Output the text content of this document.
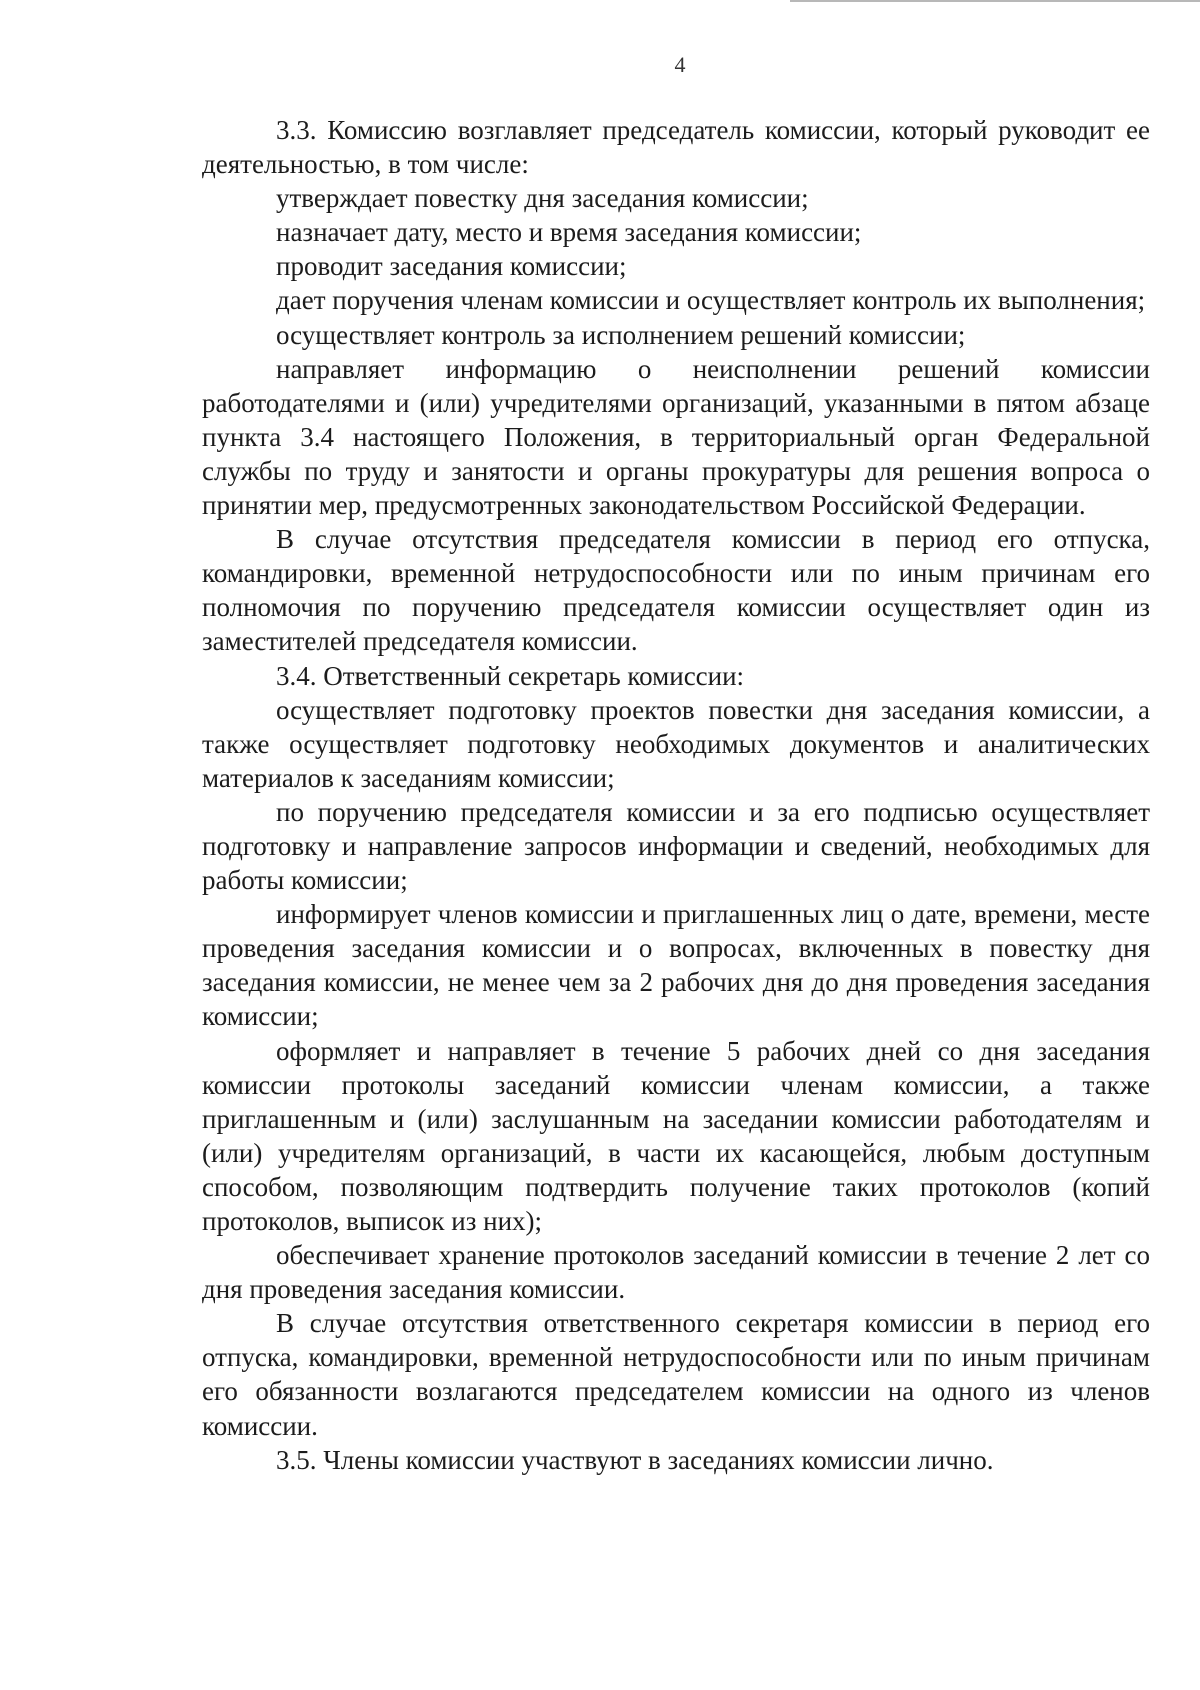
4

3.3. Комиссию возглавляет председатель комиссии, который руководит ее деятельностью, в том числе:

утверждает повестку дня заседания комиссии;

назначает дату, место и время заседания комиссии;

проводит заседания комиссии;

дает поручения членам комиссии и осуществляет контроль их выполнения;

осуществляет контроль за исполнением решений комиссии;

направляет информацию о неисполнении решений комиссии работодателями и (или) учредителями организаций, указанными в пятом абзаце пункта 3.4 настоящего Положения, в территориальный орган Федеральной службы по труду и занятости и органы прокуратуры для решения вопроса о принятии мер, предусмотренных законодательством Российской Федерации.

В случае отсутствия председателя комиссии в период его отпуска, командировки, временной нетрудоспособности или по иным причинам его полномочия по поручению председателя комиссии осуществляет один из заместителей председателя комиссии.

3.4. Ответственный секретарь комиссии:

осуществляет подготовку проектов повестки дня заседания комиссии, а также осуществляет подготовку необходимых документов и аналитических материалов к заседаниям комиссии;

по поручению председателя комиссии и за его подписью осуществляет подготовку и направление запросов информации и сведений, необходимых для работы комиссии;

информирует членов комиссии и приглашенных лиц о дате, времени, месте проведения заседания комиссии и о вопросах, включенных в повестку дня заседания комиссии, не менее чем за 2 рабочих дня до дня проведения заседания комиссии;

оформляет и направляет в течение 5 рабочих дней со дня заседания комиссии протоколы заседаний комиссии членам комиссии, а также приглашенным и (или) заслушанным на заседании комиссии работодателям и (или) учредителям организаций, в части их касающейся, любым доступным способом, позволяющим подтвердить получение таких протоколов (копий протоколов, выписок из них);

обеспечивает хранение протоколов заседаний комиссии в течение 2 лет со дня проведения заседания комиссии.

В случае отсутствия ответственного секретаря комиссии в период его отпуска, командировки, временной нетрудоспособности или по иным причинам его обязанности возлагаются председателем комиссии на одного из членов комиссии.

3.5. Члены комиссии участвуют в заседаниях комиссии лично.
